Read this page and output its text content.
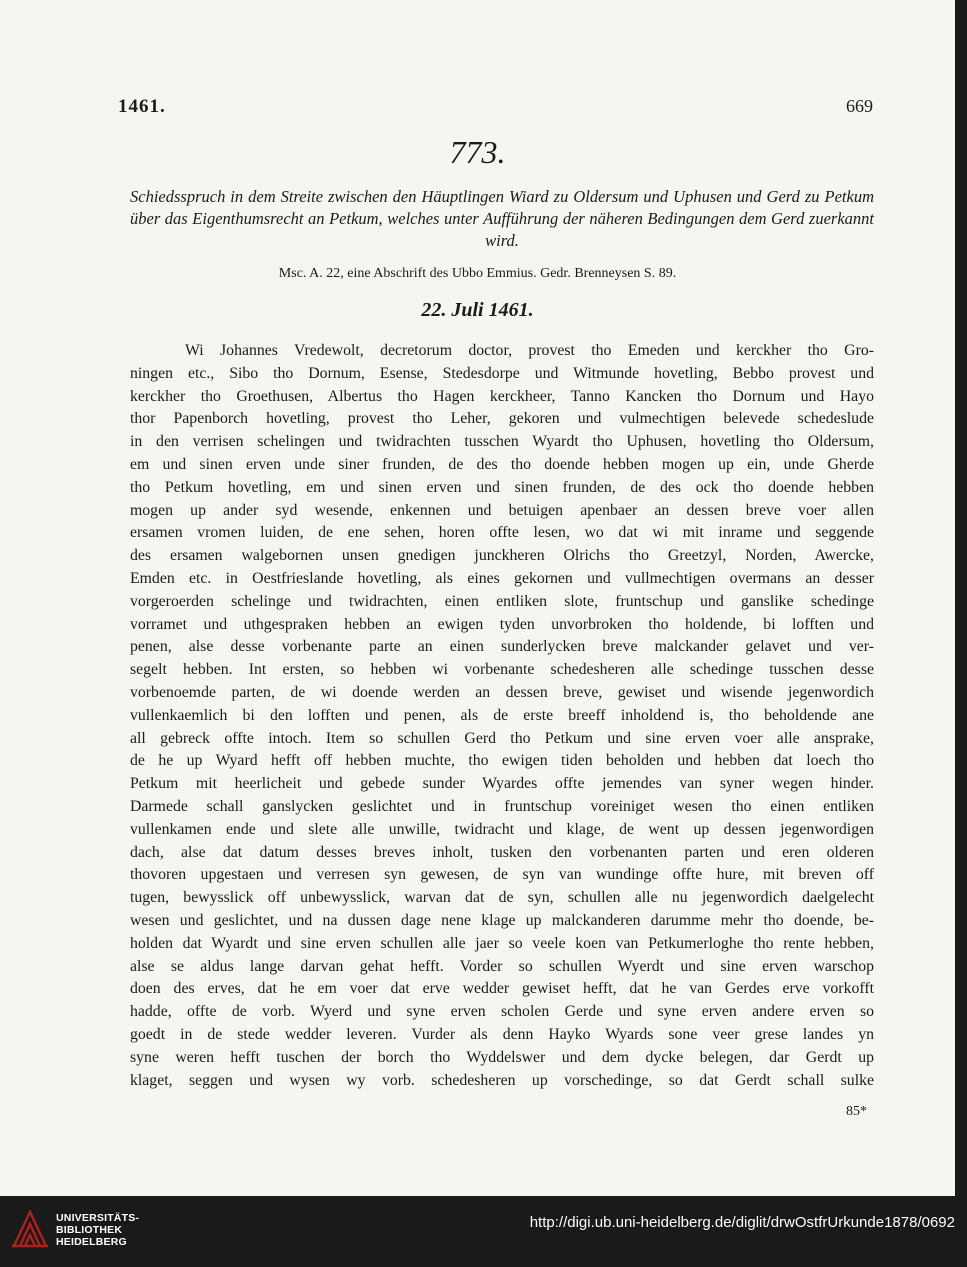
1461.	669
773.
Schiedsspruch in dem Streite zwischen den Häuptlingen Wiard zu Oldersum und Uphusen und Gerd zu Petkum über das Eigenthumsrecht an Petkum, welches unter Aufführung der näheren Bedingungen dem Gerd zuerkannt wird.
Msc. A. 22, eine Abschrift des Ubbo Emmius. Gedr. Brenneysen S. 89.
22. Juli 1461.
Wi Johannes Vredewolt, decretorum doctor, provest tho Emeden und kerckher tho Gro-
ningen etc., Sibo tho Dornum, Esense, Stedesdorpe und Witmunde hovetling, Bebbo provest und
kerckher tho Groethusen, Albertus tho Hagen kerckheer, Tanno Kancken tho Dornum und Hayo
thor Papenborch hovetling, provest tho Leher, gekoren und vulmechtigen belevede schedeslude
in den verrisen schelingen und twidrachten tusschen Wyardt tho Uphusen, hovetling tho Oldersum,
em und sinen erven unde siner frunden, de des tho doende hebben mogen up ein, unde Gherde
tho Petkum hovetling, em und sinen erven und sinen frunden, de des ock tho doende hebben
mogen up ander syd wesende, enkennen und betuigen apenbaer an dessen breve voer allen
ersamen vromen luiden, de ene sehen, horen offte lesen, wo dat wi mit inrame und seggende
des ersamen walgebornen unsen gnedigen junckheren Olrichs tho Greetzyl, Norden, Awercke,
Emden etc. in Oestfrieslande hovetling, als eines gekornen und vullmechtigen overmans an desser
vorgeroerden schelinge und twidrachten, einen entliken slote, fruntschup und ganslike schedinge
vorramet und uthgespraken hebben an ewigen tyden unvorbroken tho holdende, bi lofften und
penen, alse desse vorbenante parte an einen sunderlycken breve malckander gelavet und ver-
segelt hebben. Int ersten, so hebben wi vorbenante schedesheren alle schedinge tusschen desse
vorbenoemde parten, de wi doende werden an dessen breve, gewiset und wisende jegenwordich
vullenkaemlich bi den lofften und penen, als de erste breeff inholdend is, tho beholdende ane
all gebreck offte intoch. Item so schullen Gerd tho Petkum und sine erven voer alle ansprake,
de he up Wyard hefft off hebben muchte, tho ewigen tiden beholden und hebben dat loech tho
Petkum mit heerlicheit und gebede sunder Wyardes offte jemendes van syner wegen hinder.
Darmede schall ganslycken geslichtet und in fruntschup voreiniget wesen tho einen entliken
vullenkamen ende und slete alle unwille, twidracht und klage, de went up dessen jegenwordigen
dach, alse dat datum desses breves inholt, tusken den vorbenanten parten und eren olderen
thovoren upgestaen und verresen syn gewesen, de syn van wundinge offte hure, mit breven off
tugen, bewysslick off unbewysslick, warvan dat de syn, schullen alle nu jegenwordich daelgelecht
wesen und geslichtet, und na dussen dage nene klage up malckanderen darumme mehr tho doende, be-
holden dat Wyardt und sine erven schullen alle jaer so veele koen van Petkumerloghe tho rente hebben,
alse se aldus lange darvan gehat hefft. Vorder so schullen Wyerdt und sine erven warschop
doen des erves, dat he em voer dat erve wedder gewiset hefft, dat he van Gerdes erve vorkofft
hadde, offte de vorb. Wyerd und syne erven scholen Gerde und syne erven andere erven so
goedt in de stede wedder leveren. Vurder als denn Hayko Wyards sone veer grese landes yn
syne weren hefft tuschen der borch tho Wyddelswer und dem dycke belegen, dar Gerdt up
klaget, seggen und wysen wy vorb. schedesheren up vorschedinge, so dat Gerdt schall sulke
85*
UNIVERSITÄTS-
BIBLIOTHEK
HEIDELBERG
http://digi.ub.uni-heidelberg.de/diglit/drwOstfrUrkunde1878/0692
